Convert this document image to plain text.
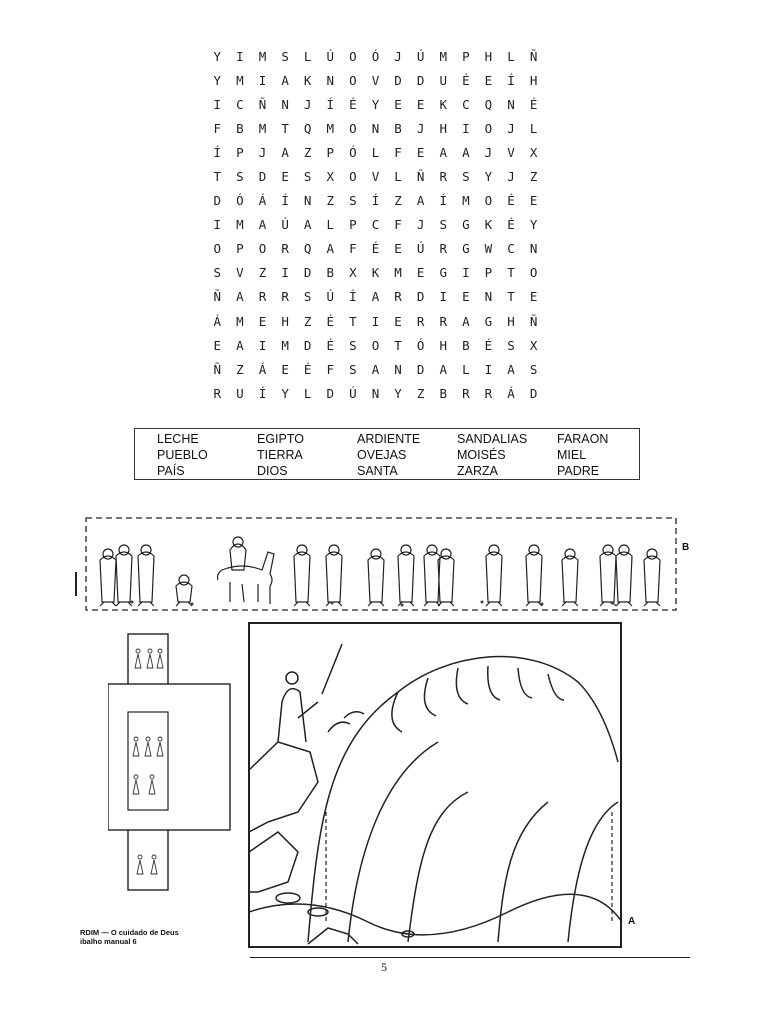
Y	I	M	S	L	Ú	O	Ó	J	Ú	M	P	H	L	Ñ
Y	M	I	A	K	N	O	V	D	D	U	É	E	Í	H
I	C	Ñ	N	J	Í	É	Y	E	E	K	C	Q	N	É
F	B	M	T	Q	M	O	N	B	J	H	I	O	J	L
Í	P	J	A	Z	P	Ó	L	F	E	A	A	J	V	X
T	S	D	E	S	X	O	V	L	Ñ	R	S	Y	J	Z
D	Ó	Á	Í	N	Z	S	Í	Z	A	Í	M	O	É	E
I	M	A	Ú	A	L	P	C	F	J	S	G	K	É	Y
O	P	O	R	Q	A	F	É	E	Ú	R	G	W	C	N
S	V	Z	I	D	B	X	K	M	E	G	I	P	T	O
Ñ	A	R	R	S	Ú	Í	A	R	D	I	E	N	T	E
Á	M	E	H	Z	É	T	I	E	R	R	A	G	H	Ñ
E	A	I	M	D	É	S	O	T	Ó	H	B	É	S	X
Ñ	Z	Á	E	É	F	S	A	N	D	A	L	I	A	S
R	U	Í	Y	L	D	Ú	N	Y	Z	B	R	R	Á	D
LECHE	EGIPTO	ARDIENTE	SANDALIAS	FARAON
PUEBLO	TIERRA	OVEJAS	MOISÉS	MIEL
PAÍS	DIOS	SANTA	ZARZA	PADRE
B
A
RDIM — O cuidado de Deus
ibalho manual 6
5
